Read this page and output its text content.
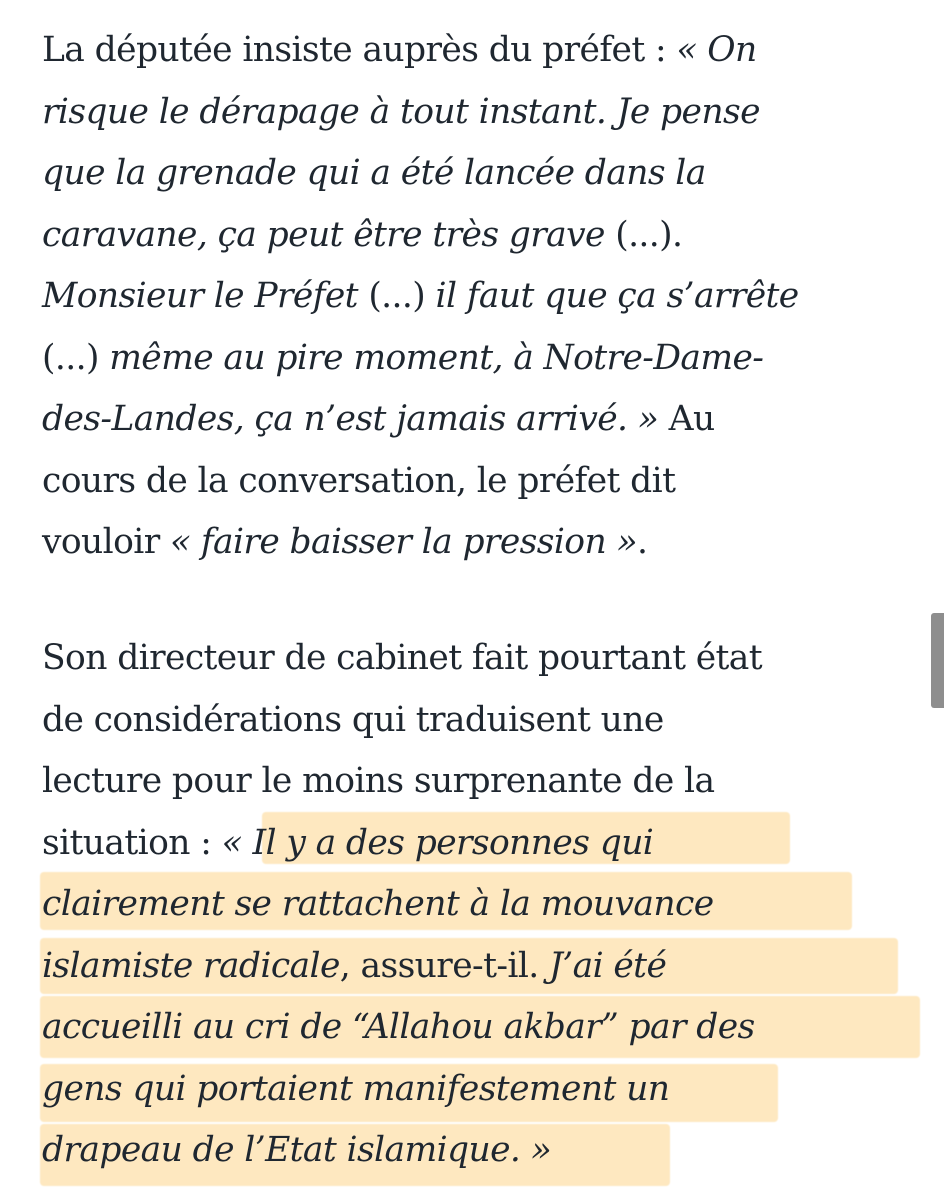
La députée insiste auprès du préfet : « On
risque le dérapage à tout instant. Je pense
que la grenade qui a été lancée dans la
caravane, ça peut être très grave (...).
Monsieur le Préfet (...) il faut que ça s’arrête
(...) même au pire moment, à Notre-Dame-
des-Landes, ça n’est jamais arrivé. » Au
cours de la conversation, le préfet dit
vouloir « faire baisser la pression ».

Son directeur de cabinet fait pourtant état
de considérations qui traduisent une
lecture pour le moins surprenante de la
situation : « Il y a des personnes qui
clairement se rattachent à la mouvance
islamiste radicale, assure-t-il. J’ai été
accueilli au cri de “Allahou akbar” par des
gens qui portaient manifestement un
drapeau de l’Etat islamique. »
